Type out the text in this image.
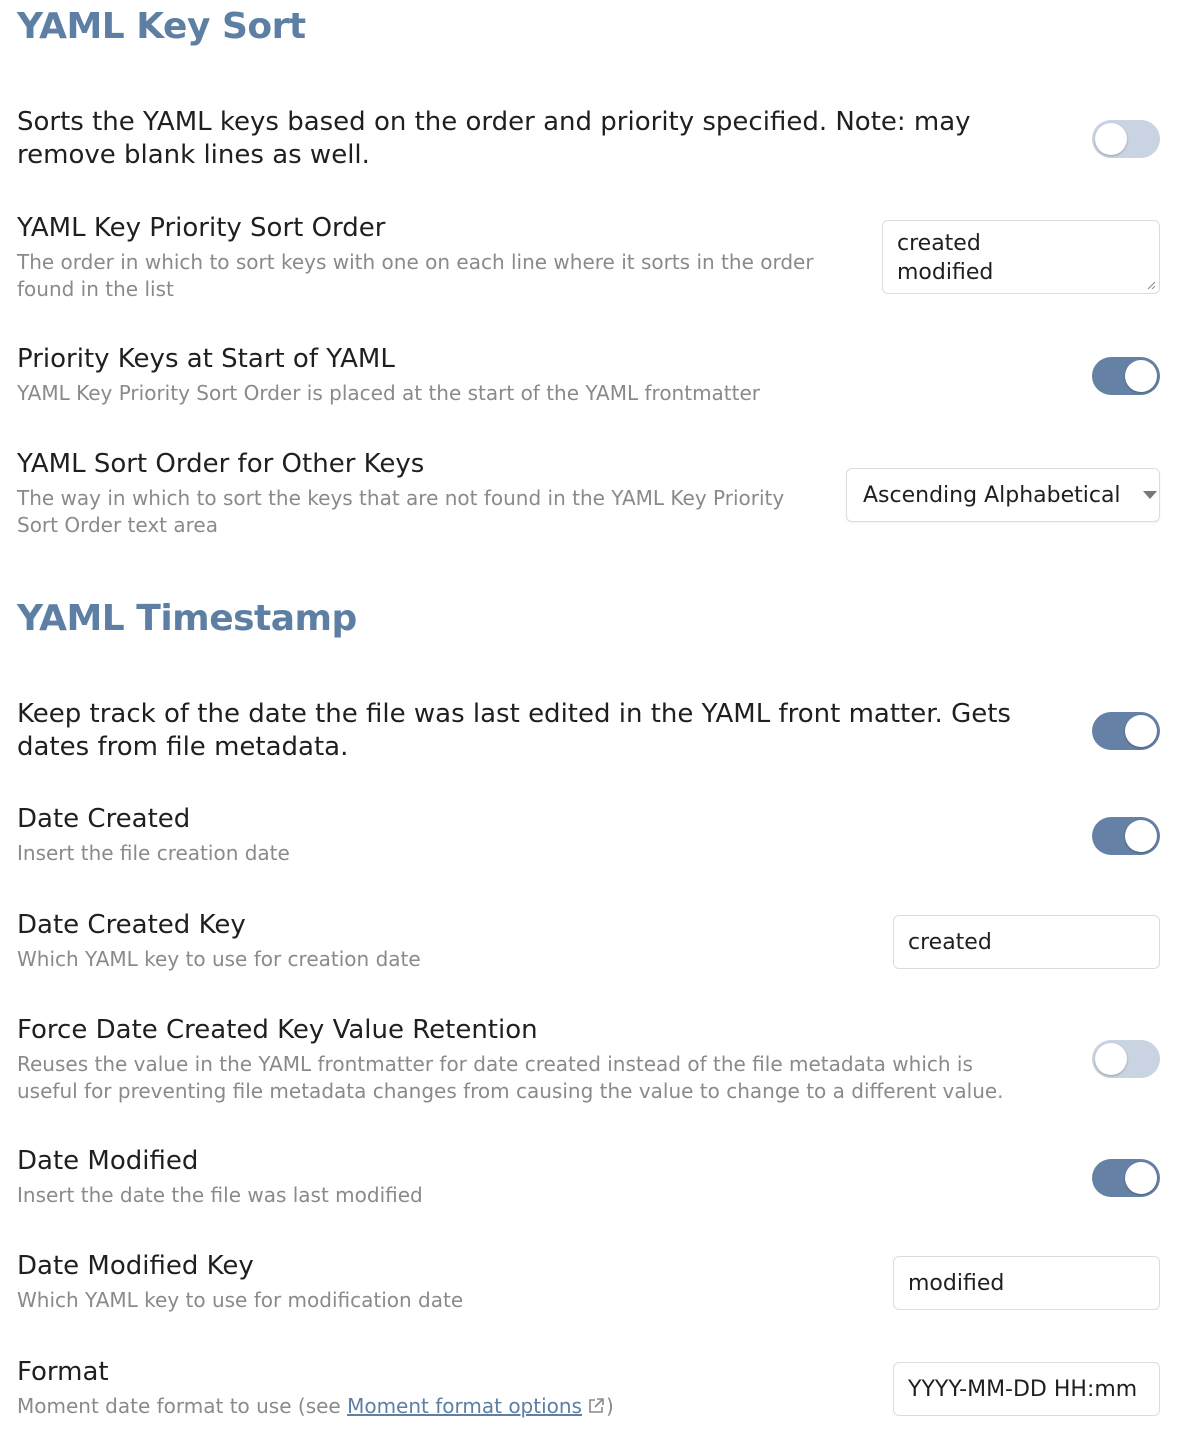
YAML Key Sort
Sorts the YAML keys based on the order and priority specified. Note: may remove blank lines as well.
YAML Key Priority Sort Order
The order in which to sort keys with one on each line where it sorts in the order found in the list
created modified
Priority Keys at Start of YAML
YAML Key Priority Sort Order is placed at the start of the YAML frontmatter
YAML Sort Order for Other Keys
The way in which to sort the keys that are not found in the YAML Key Priority Sort Order text area
Ascending Alphabetical
YAML Timestamp
Keep track of the date the file was last edited in the YAML front matter. Gets dates from file metadata.
Date Created
Insert the file creation date
Date Created Key
Which YAML key to use for creation date
created
Force Date Created Key Value Retention
Reuses the value in the YAML frontmatter for date created instead of the file metadata which is useful for preventing file metadata changes from causing the value to change to a different value.
Date Modified
Insert the date the file was last modified
Date Modified Key
Which YAML key to use for modification date
modified
Format
Moment date format to use (see Moment format options )
YYYY-MM-DD HH:mm
